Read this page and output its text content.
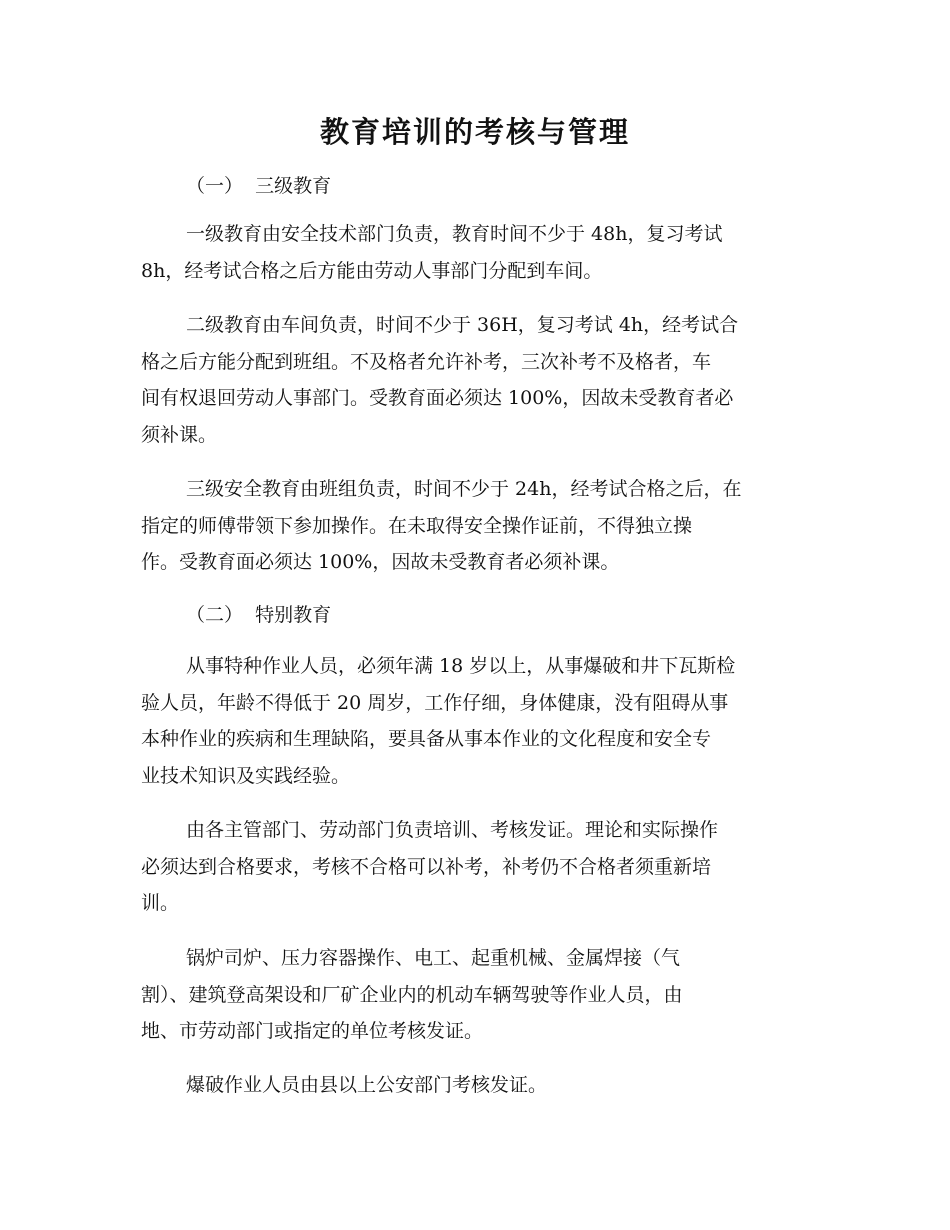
教育培训的考核与管理
（一）  三级教育
一级教育由安全技术部门负责，教育时间不少于 48h，复习考试
8h，经考试合格之后方能由劳动人事部门分配到车间。
二级教育由车间负责，时间不少于 36H，复习考试 4h，经考试合
格之后方能分配到班组。不及格者允许补考，三次补考不及格者，车
间有权退回劳动人事部门。受教育面必须达 100%，因故未受教育者必
须补课。
三级安全教育由班组负责，时间不少于 24h，经考试合格之后，在
指定的师傅带领下参加操作。在未取得安全操作证前，不得独立操
作。受教育面必须达 100%，因故未受教育者必须补课。
（二）  特别教育
从事特种作业人员，必须年满 18 岁以上，从事爆破和井下瓦斯检
验人员，年龄不得低于 20 周岁，工作仔细，身体健康，没有阻碍从事
本种作业的疾病和生理缺陷，要具备从事本作业的文化程度和安全专
业技术知识及实践经验。
由各主管部门、劳动部门负责培训、考核发证。理论和实际操作
必须达到合格要求，考核不合格可以补考，补考仍不合格者须重新培
训。
锅炉司炉、压力容器操作、电工、起重机械、金属焊接（气
割）、建筑登高架设和厂矿企业内的机动车辆驾驶等作业人员，由
地、市劳动部门或指定的单位考核发证。
爆破作业人员由县以上公安部门考核发证。
